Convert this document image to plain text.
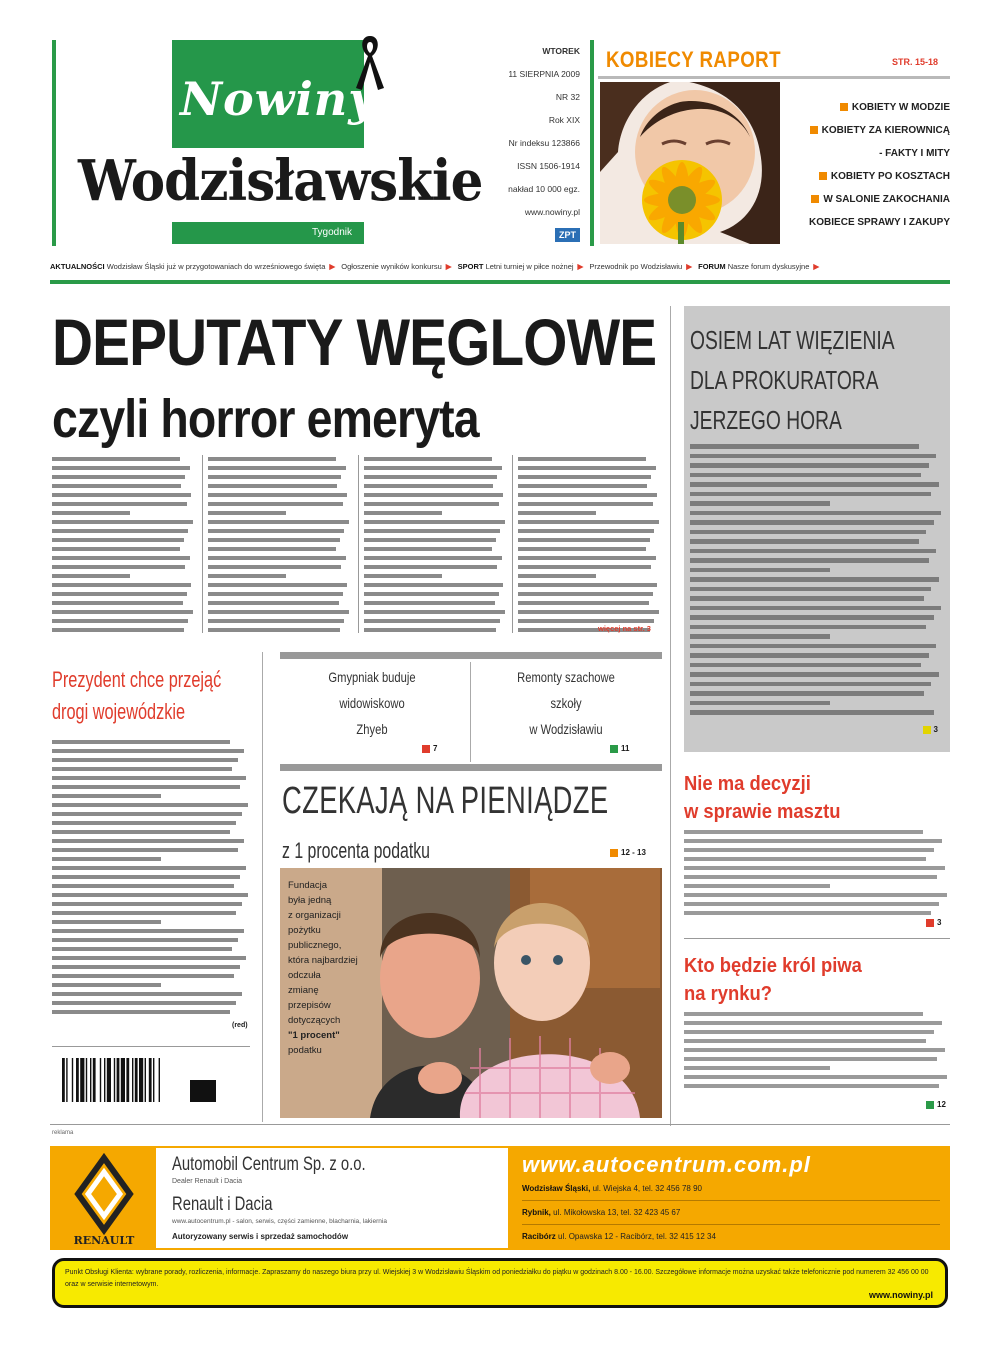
Nowiny
Wodzisławskie
Tygodnik
WTOREK
11 SIERPNIA 2009
NR 32
Rok XIX
Nr indeksu 123866
ISSN 1506-1914
nakład 10 000 egz.
www.nowiny.pl
ZPT
KOBIECY RAPORT	STR. 15-18
KOBIETY W MODZIE
KOBIETY ZA KIEROWNICĄ
- FAKTY I MITY
KOBIETY PO KOSZTACH
W SALONIE ZAKOCHANIA
KOBIECE SPRAWY I ZAKUPY
AKTUALNOŚCI Wodzisław Śląski już w przygotowaniach do wrześniowego święta ▶ Ogłoszenie wyników konkursu ▶ SPORT Letni turniej w piłce nożnej ▶ Przewodnik po Wodzisławiu ▶ FORUM Nasze forum dyskusyjne ▶
DEPUTATY WĘGLOWE
czyli horror emeryta
więcej na str. 3
OSIEM LAT WIĘZIENIA
DLA PROKURATORA
JERZEGO HORA
3
Prezydent chce przejąć
drogi wojewódzkie
(red)
Gmypniak buduje
widowiskowo
Zhyeb
7
Remonty szachowe
szkoły
w Wodzisławiu
11
CZEKAJĄ NA PIENIĄDZE
z 1 procenta podatku	12 - 13
Fundacja
była jedną
z organizacji
pożytku
publicznego,
która najbardziej
odczuła
zmianę
przepisów
dotyczących
"1 procent"
podatku
Nie ma decyzji
w sprawie masztu
3
Kto będzie król piwa
na rynku?
12
reklama
RENAULT
Automobil Centrum Sp. z o.o.
Dealer Renault i Dacia
Renault i Dacia
www.autocentrum.pl - salon, serwis, części zamienne, blacharnia, lakiernia
Autoryzowany serwis i sprzedaż samochodów
www.autocentrum.com.pl
Wodzisław Śląski, ul. Wiejska 4, tel. 32 456 78 90
Rybnik, ul. Mikołowska 13, tel. 32 423 45 67
Racibórz ul. Opawska 12 - Racibórz, tel. 32 415 12 34
Punkt Obsługi Klienta: wybrane porady, rozliczenia, informacje. Zapraszamy do naszego biura przy ul. Wiejskiej 3 w Wodzisławiu Śląskim od poniedziałku do piątku w godzinach 8.00 - 16.00. Szczegółowe informacje można uzyskać także telefonicznie pod numerem 32 456 00 00 oraz w serwisie internetowym.
www.nowiny.pl
